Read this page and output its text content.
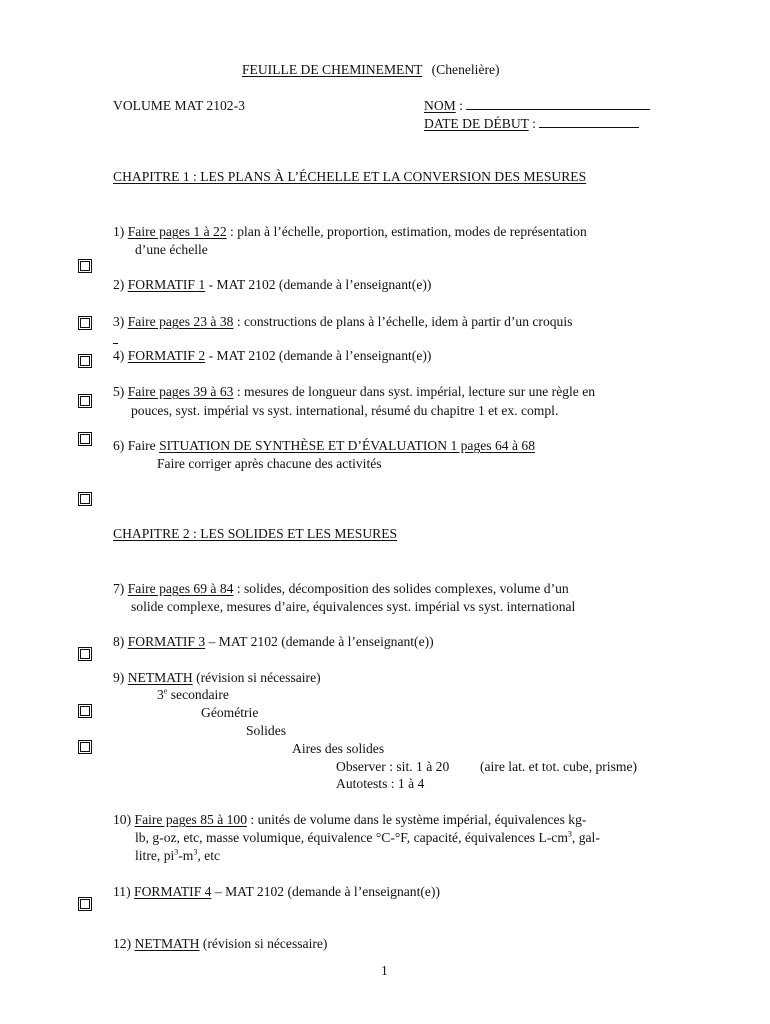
FEUILLE DE CHEMINEMENT (Chenelière)
VOLUME MAT 2102-3	NOM :
DATE DE DÉBUT :
CHAPITRE 1 : LES PLANS À L’ÉCHELLE ET LA CONVERSION DES MESURES
1) Faire pages 1 à 22 : plan à l’échelle, proportion, estimation, modes de représentation
d’une échelle
2) FORMATIF 1 - MAT 2102 (demande à l’enseignant(e))
3) Faire pages 23 à 38 : constructions de plans à l’échelle, idem à partir d’un croquis
4) FORMATIF 2 - MAT 2102 (demande à l’enseignant(e))
5) Faire pages 39 à 63 : mesures de longueur dans syst. impérial, lecture sur une règle en
pouces, syst. impérial vs syst. international, résumé du chapitre 1 et ex. compl.
6) Faire SITUATION DE SYNTHÈSE ET D’ÉVALUATION 1 pages 64 à 68
Faire corriger après chacune des activités
CHAPITRE 2 : LES SOLIDES ET LES MESURES
7) Faire pages 69 à 84 : solides, décomposition des solides complexes, volume d’un
solide complexe, mesures d’aire, équivalences syst. impérial vs syst. international
8) FORMATIF 3 – MAT 2102 (demande à l’enseignant(e))
9) NETMATH (révision si nécessaire)
3e secondaire
Géométrie
Solides
Aires des solides
Observer : sit. 1 à 20 (aire lat. et tot. cube, prisme)
Autotests : 1 à 4
10) Faire pages 85 à 100 : unités de volume dans le système impérial, équivalences kg-
lb, g-oz, etc, masse volumique, équivalence °C-°F, capacité, équivalences $L-cm^3$, gal-
litre, $pi^3-m^3$, etc
11) FORMATIF 4 – MAT 2102 (demande à l’enseignant(e))
12) NETMATH (révision si nécessaire)
1
